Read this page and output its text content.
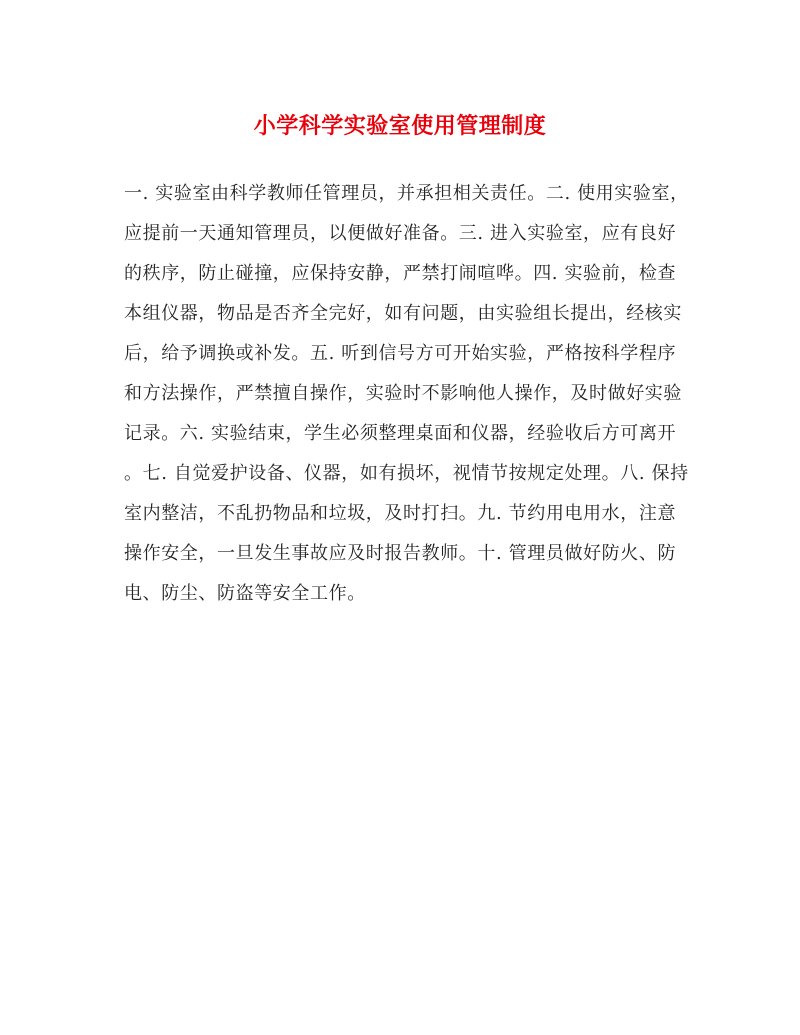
小学科学实验室使用管理制度
一. 实验室由科学教师任管理员，并承担相关责任。二. 使用实验室，
应提前一天通知管理员，以便做好准备。三. 进入实验室，应有良好
的秩序，防止碰撞，应保持安静，严禁打闹喧哗。四. 实验前，检查
本组仪器，物品是否齐全完好，如有问题，由实验组长提出，经核实
后，给予调换或补发。五. 听到信号方可开始实验，严格按科学程序
和方法操作，严禁擅自操作，实验时不影响他人操作，及时做好实验
记录。六. 实验结束，学生必须整理桌面和仪器，经验收后方可离开
。七. 自觉爱护设备、仪器，如有损坏，视情节按规定处理。八. 保持
室内整洁，不乱扔物品和垃圾，及时打扫。九. 节约用电用水，注意
操作安全，一旦发生事故应及时报告教师。十. 管理员做好防火、防
电、防尘、防盗等安全工作。
